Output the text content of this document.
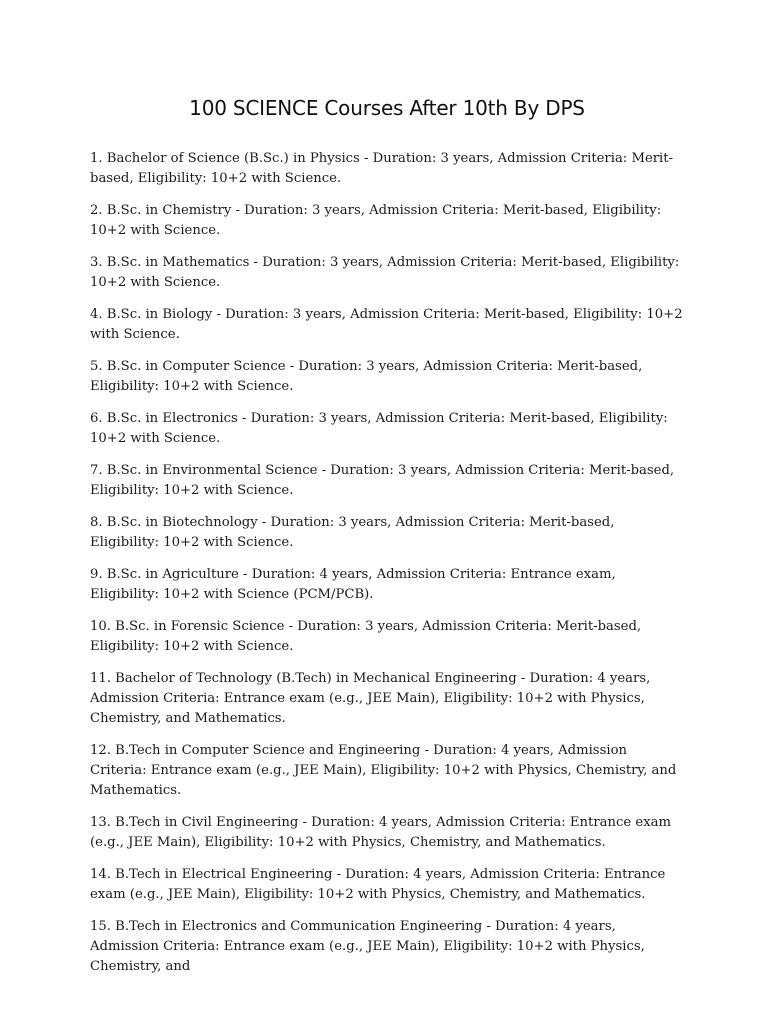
100 SCIENCE Courses After 10th By DPS

1. Bachelor of Science (B.Sc.) in Physics - Duration: 3 years, Admission Criteria: Merit-based, Eligibility: 10+2 with Science.

2. B.Sc. in Chemistry - Duration: 3 years, Admission Criteria: Merit-based, Eligibility: 10+2 with Science.

3. B.Sc. in Mathematics - Duration: 3 years, Admission Criteria: Merit-based, Eligibility: 10+2 with Science.

4. B.Sc. in Biology - Duration: 3 years, Admission Criteria: Merit-based, Eligibility: 10+2 with Science.

5. B.Sc. in Computer Science - Duration: 3 years, Admission Criteria: Merit-based, Eligibility: 10+2 with Science.

6. B.Sc. in Electronics - Duration: 3 years, Admission Criteria: Merit-based, Eligibility: 10+2 with Science.

7. B.Sc. in Environmental Science - Duration: 3 years, Admission Criteria: Merit-based, Eligibility: 10+2 with Science.

8. B.Sc. in Biotechnology - Duration: 3 years, Admission Criteria: Merit-based, Eligibility: 10+2 with Science.

9. B.Sc. in Agriculture - Duration: 4 years, Admission Criteria: Entrance exam, Eligibility: 10+2 with Science (PCM/PCB).

10. B.Sc. in Forensic Science - Duration: 3 years, Admission Criteria: Merit-based, Eligibility: 10+2 with Science.

11. Bachelor of Technology (B.Tech) in Mechanical Engineering - Duration: 4 years, Admission Criteria: Entrance exam (e.g., JEE Main), Eligibility: 10+2 with Physics, Chemistry, and Mathematics.

12. B.Tech in Computer Science and Engineering - Duration: 4 years, Admission Criteria: Entrance exam (e.g., JEE Main), Eligibility: 10+2 with Physics, Chemistry, and Mathematics.

13. B.Tech in Civil Engineering - Duration: 4 years, Admission Criteria: Entrance exam (e.g., JEE Main), Eligibility: 10+2 with Physics, Chemistry, and Mathematics.

14. B.Tech in Electrical Engineering - Duration: 4 years, Admission Criteria: Entrance exam (e.g., JEE Main), Eligibility: 10+2 with Physics, Chemistry, and Mathematics.

15. B.Tech in Electronics and Communication Engineering - Duration: 4 years, Admission Criteria: Entrance exam (e.g., JEE Main), Eligibility: 10+2 with Physics, Chemistry, and
